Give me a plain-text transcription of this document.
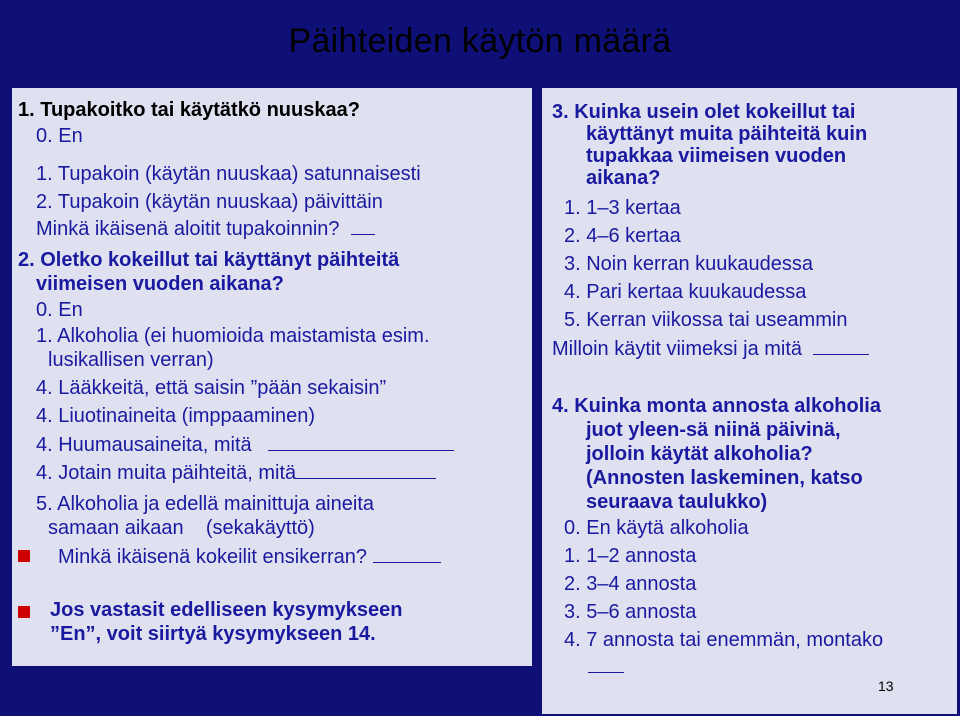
Päihteiden käytön määrä
1. Tupakoitko tai käytätkö nuuskaa?
0. En
1. Tupakoin (käytän nuuskaa) satunnaisesti
2. Tupakoin (käytän nuuskaa) päivittäin
Minkä ikäisenä aloitit tupakoinnin?
2. Oletko kokeillut tai käyttänyt päihteitä
viimeisen vuoden aikana?
0. En
1. Alkoholia (ei huomioida maistamista esim.
lusikallisen verran)
4. Lääkkeitä, että saisin ”pään sekaisin”
4. Liuotinaineita (imppaaminen)
4. Huumausaineita, mitä
4. Jotain muita päihteitä, mitä
5. Alkoholia ja edellä mainittuja aineita
samaan aikaan    (sekakäyttö)
Minkä ikäisenä kokeilit ensikerran?
Jos vastasit edelliseen kysymykseen
”En”, voit siirtyä kysymykseen 14.
3. Kuinka usein olet kokeillut tai
käyttänyt muita päihteitä kuin
tupakkaa viimeisen vuoden
aikana?
1. 1–3 kertaa
2. 4–6 kertaa
3. Noin kerran kuukaudessa
4. Pari kertaa kuukaudessa
5. Kerran viikossa tai useammin
Milloin käytit viimeksi ja mitä
4. Kuinka monta annosta alkoholia
juot yleen-sä niinä päivinä,
jolloin käytät alkoholia?
(Annosten laskeminen, katso
seuraava taulukko)
0. En käytä alkoholia
1. 1–2 annosta
2. 3–4 annosta
3. 5–6 annosta
4. 7 annosta tai enemmän, montako
13
